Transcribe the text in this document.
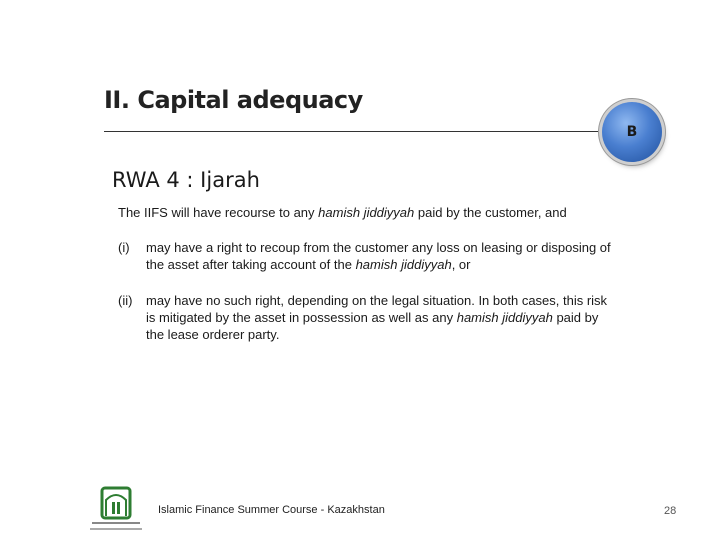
II. Capital adequacy
B
RWA 4 : Ijarah
The IIFS will have recourse to any hamish jiddiyyah paid by the customer, and
(i)	may have a right to recoup from the customer any loss on leasing or disposing of the asset after taking account of the hamish jiddiyyah, or
(ii)	may have no such right, depending on the legal situation. In both cases, this risk is mitigated by the asset in possession as well as any hamish jiddiyyah paid by the lease orderer party.
Islamic Finance Summer Course - Kazakhstan	28
